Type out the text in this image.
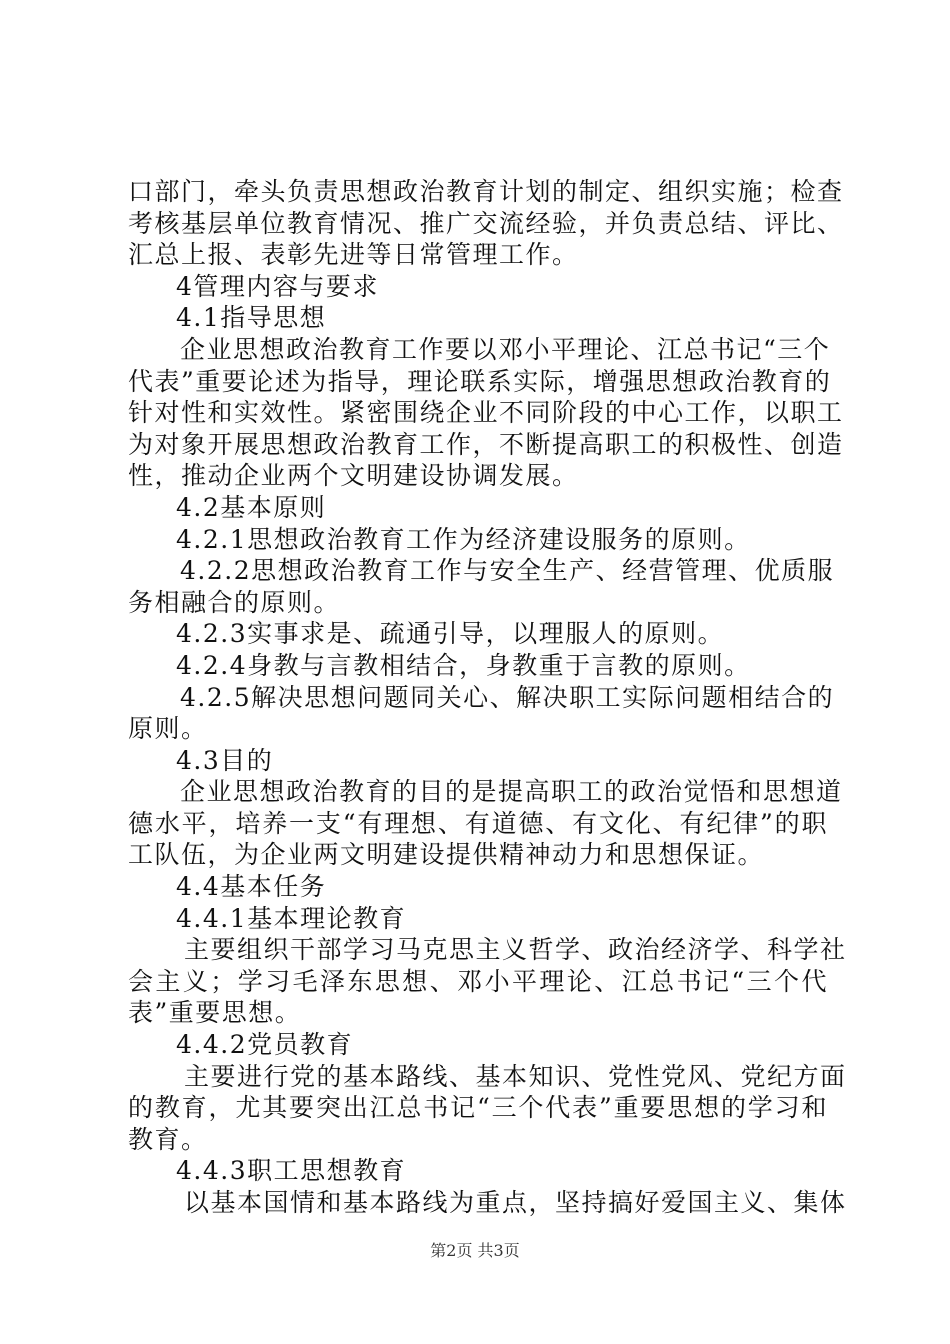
口部门，牵头负责思想政治教育计划的制定、组织实施；检查
考核基层单位教育情况、推广交流经验，并负责总结、评比、
汇总上报、表彰先进等日常管理工作。
4管理内容与要求
4.1指导思想
企业思想政治教育工作要以邓小平理论、江总书记“三个
代表”重要论述为指导，理论联系实际，增强思想政治教育的
针对性和实效性。紧密围绕企业不同阶段的中心工作，以职工
为对象开展思想政治教育工作，不断提高职工的积极性、创造
性，推动企业两个文明建设协调发展。
4.2基本原则
4.2.1思想政治教育工作为经济建设服务的原则。
4.2.2思想政治教育工作与安全生产、经营管理、优质服
务相融合的原则。
4.2.3实事求是、疏通引导，以理服人的原则。
4.2.4身教与言教相结合，身教重于言教的原则。
4.2.5解决思想问题同关心、解决职工实际问题相结合的
原则。
4.3目的
企业思想政治教育的目的是提高职工的政治觉悟和思想道
德水平，培养一支“有理想、有道德、有文化、有纪律”的职
工队伍，为企业两文明建设提供精神动力和思想保证。
4.4基本任务
4.4.1基本理论教育
主要组织干部学习马克思主义哲学、政治经济学、科学社
会主义；学习毛泽东思想、邓小平理论、江总书记“三个代
表”重要思想。
4.4.2党员教育
主要进行党的基本路线、基本知识、党性党风、党纪方面
的教育，尤其要突出江总书记“三个代表”重要思想的学习和
教育。
4.4.3职工思想教育
以基本国情和基本路线为重点，坚持搞好爱国主义、集体
第2页 共3页
